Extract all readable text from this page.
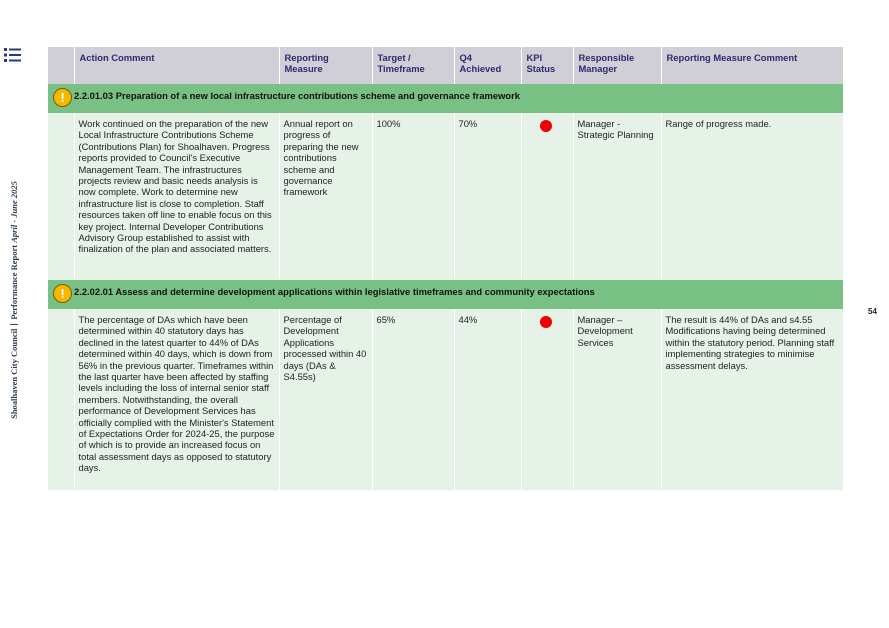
Shoalhaven City CouncilPerformance Report April - June 2025
54
	Action Comment	Reporting Measure	Target / Timeframe	Q4 Achieved	KPI Status	Responsible Manager	Reporting Measure Comment

!	2.2.01.03 Preparation of a new local infrastructure contributions scheme and governance framework						
	Work continued on the preparation of the new Local Infrastructure Contributions Scheme (Contributions Plan) for Shoalhaven. Progress reports provided to Council's Executive Management Team. The infrastructures projects review and basic needs analysis is now complete. Work to determine new infrastructure list is close to completion. Staff resources taken off line to enable focus on this key project. Internal Developer Contributions Advisory Group established to assist with finalization of the plan and associated matters.	Annual report on progress of preparing the new contributions scheme and governance framework	100%	70%		Manager - Strategic Planning	Range of progress made.

!	2.2.02.01 Assess and determine development applications within legislative timeframes and community expectations						
	The percentage of DAs which have been determined within 40 statutory days has declined in the latest quarter to 44% of DAs determined within 40 days, which is down from 56% in the previous quarter. Timeframes within the last quarter have been affected by staffing levels including the loss of internal senior staff members. Notwithstanding, the overall performance of Development Services has officially complied with the Minister's Statement of Expectations Order for 2024-25, the purpose of which is to provide an increased focus on total assessment days as opposed to statutory days.	Percentage of Development Applications processed within 40 days (DAs & S4.55s)	65%	44%		Manager – Development Services	The result is 44% of DAs and s4.55 Modifications having being determined within the statutory period. Planning staff implementing strategies to minimise assessment delays.
